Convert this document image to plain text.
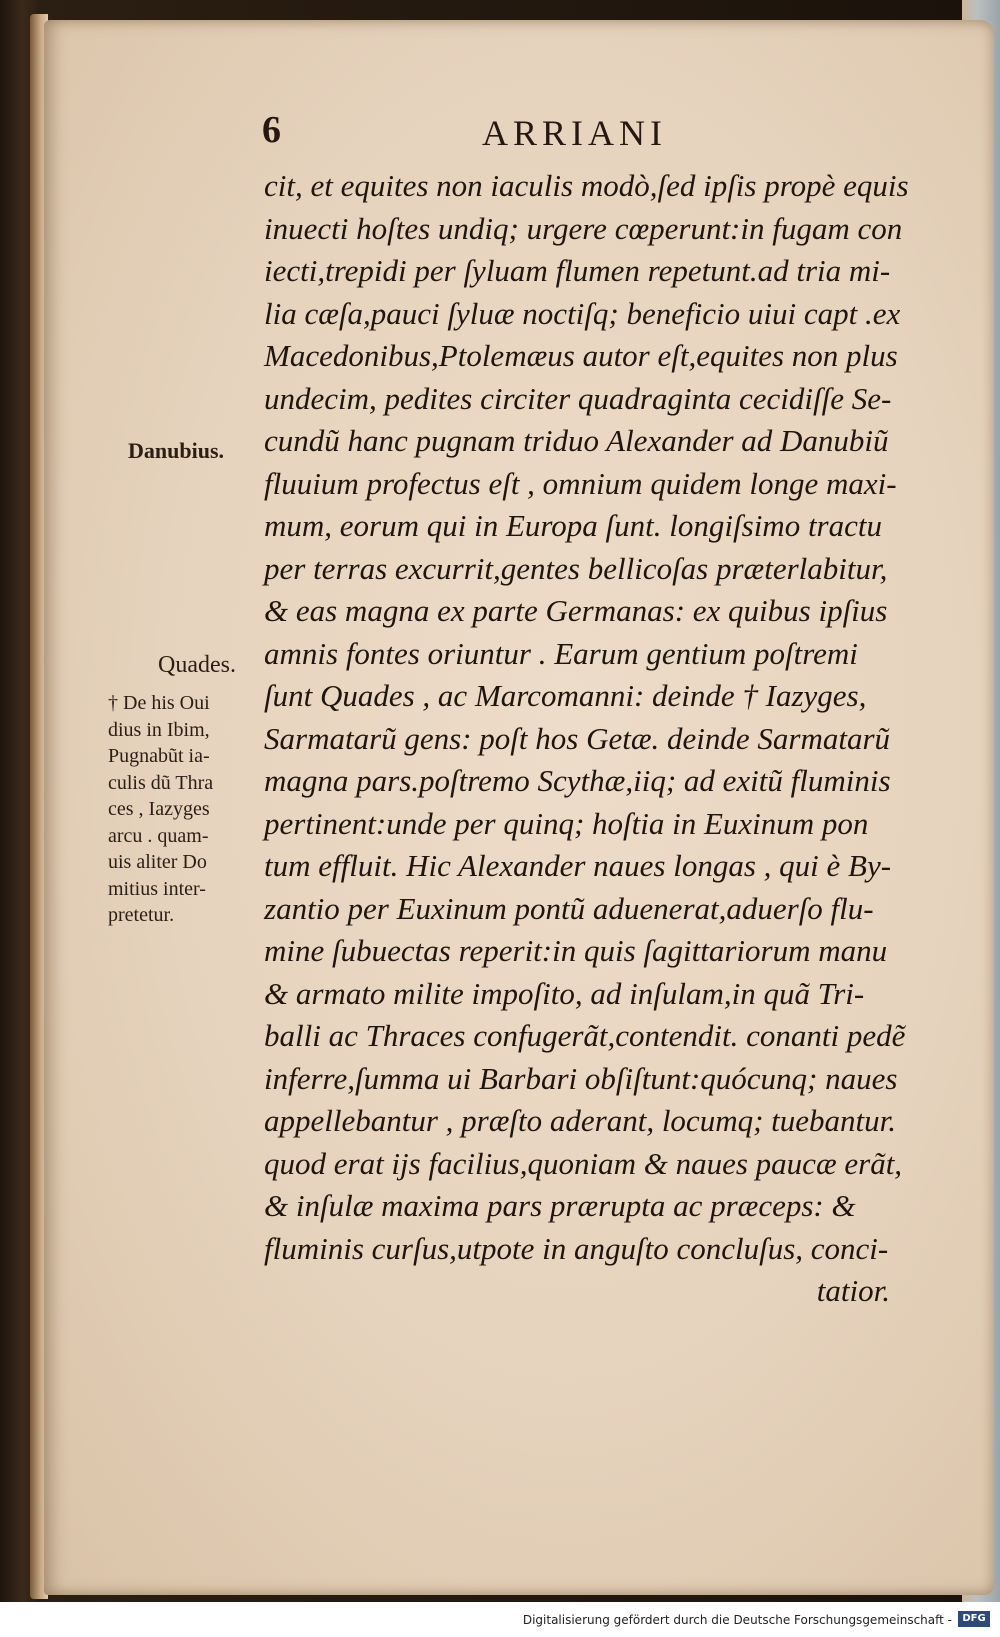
6	ARRIANI
Danubius.
Quades.
† De his Oui
dius in Ibim,
Pugnabũt ia-
culis dũ Thra
ces , Iazyges
arcu . quam-
uis aliter Do
mitius inter-
pretetur.
cit, et equites non iaculis modò,ſed ipſis propè equis
inuecti hoſtes undiq; urgere cœperunt:in fugam con
iecti,trepidi per ſyluam flumen repetunt.ad tria mi-
lia cæſa,pauci ſyluæ noctiſq; beneficio uiui capt .ex
Macedonibus,Ptolemæus autor eſt,equites non plus
undecim, pedites circiter quadraginta cecidiſſe Se-
cundũ hanc pugnam triduo Alexander ad Danubiũ
fluuium profectus eſt , omnium quidem longe maxi-
mum, eorum qui in Europa ſunt. longiſsimo tractu
per terras excurrit,gentes bellicoſas prӕterlabitur,
& eas magna ex parte Germanas: ex quibus ipſius
amnis fontes oriuntur . Earum gentium poſtremi
ſunt Quades , ac Marcomanni: deinde † Iazyges,
Sarmatarũ gens: poſt hos Getæ. deinde Sarmatarũ
magna pars.poſtremo Scythæ,iiq; ad exitũ fluminis
pertinent:unde per quinq; hoſtia in Euxinum pon
tum effluit. Hic Alexander naues longas , qui è By-
zantio per Euxinum pontũ aduenerat,aduerſo flu-
mine ſubuectas reperit:in quis ſagittariorum manu
& armato milite impoſito, ad inſulam,in quã Tri-
balli ac Thraces confugerãt,contendit. conanti pedẽ
inferre,ſumma ui Barbari obſiſtunt:quócunq; naues
appellebantur , præſto aderant, locumq; tuebantur.
quod erat ijs facilius,quoniam & naues paucæ erãt,
& inſulæ maxima pars prærupta ac præceps: &
fluminis curſus,utpote in anguſto concluſus, conci-
tatior.
Digitalisierung gefördert durch die Deutsche Forschungsgemeinschaft -	DFG
